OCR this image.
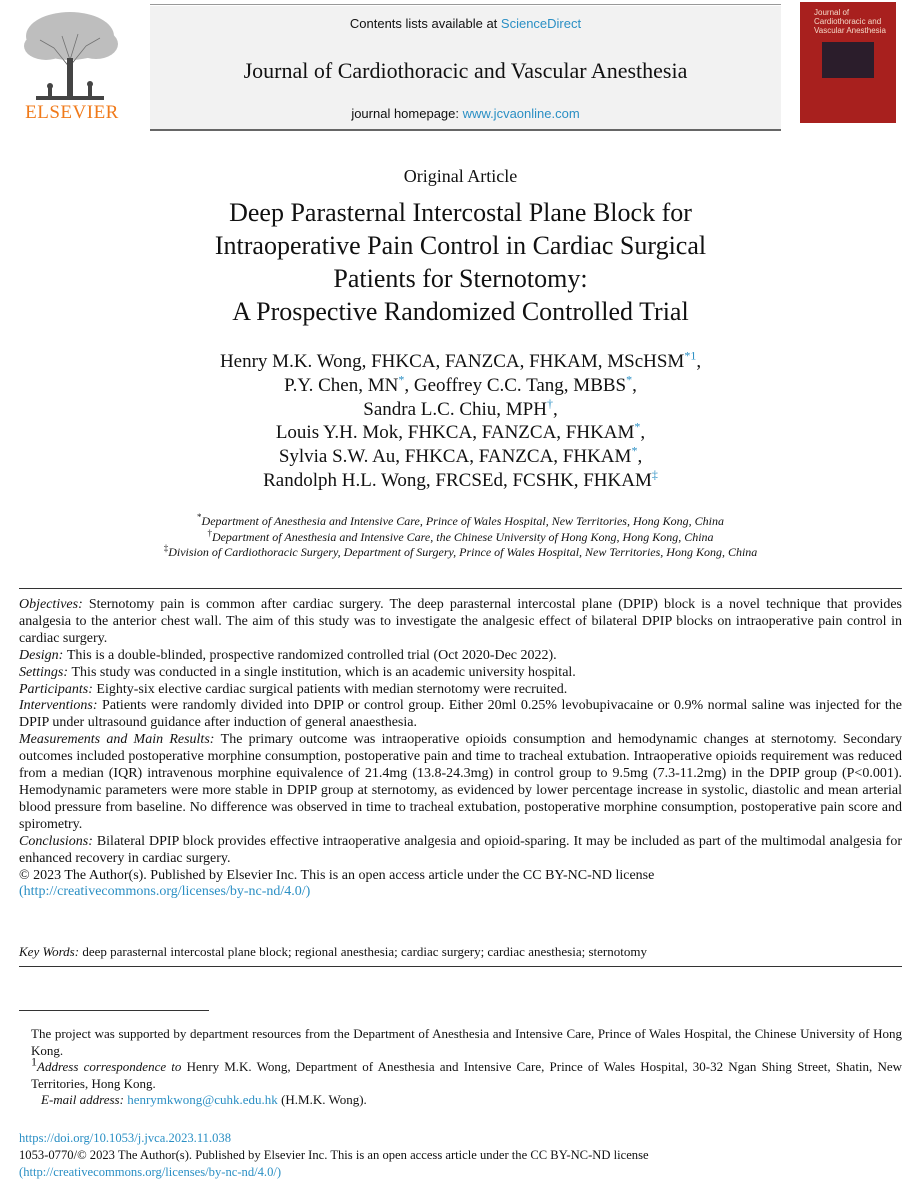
ELSEVIER
Contents lists available at ScienceDirect
Journal of Cardiothoracic and Vascular Anesthesia
journal homepage: www.jcvaonline.com
Journal of Cardiothoracic and Vascular Anesthesia
Original Article
Deep Parasternal Intercostal Plane Block for
Intraoperative Pain Control in Cardiac Surgical
Patients for Sternotomy:
A Prospective Randomized Controlled Trial
Henry M.K. Wong, FHKCA, FANZCA, FHKAM, MScHSM$^{*1}$,
P.Y. Chen, MN*, Geoffrey C.C. Tang, MBBS*,
Sandra L.C. Chiu, MPH†,
Louis Y.H. Mok, FHKCA, FANZCA, FHKAM*,
Sylvia S.W. Au, FHKCA, FANZCA, FHKAM*,
Randolph H.L. Wong, FRCSEd, FCSHK, FHKAM‡
*Department of Anesthesia and Intensive Care, Prince of Wales Hospital, New Territories, Hong Kong, China
†Department of Anesthesia and Intensive Care, the Chinese University of Hong Kong, Hong Kong, China
‡Division of Cardiothoracic Surgery, Department of Surgery, Prince of Wales Hospital, New Territories, Hong Kong, China

Objectives: Sternotomy pain is common after cardiac surgery. The deep parasternal intercostal plane (DPIP) block is a novel technique that provides analgesia to the anterior chest wall. The aim of this study was to investigate the analgesic effect of bilateral DPIP blocks on intraoperative pain control in cardiac surgery.

Design: This is a double-blinded, prospective randomized controlled trial (Oct 2020-Dec 2022).

Settings: This study was conducted in a single institution, which is an academic university hospital.

Participants: Eighty-six elective cardiac surgical patients with median sternotomy were recruited.

Interventions: Patients were randomly divided into DPIP or control group. Either 20ml 0.25% levobupivacaine or 0.9% normal saline was injected for the DPIP under ultrasound guidance after induction of general anaesthesia.

Measurements and Main Results: The primary outcome was intraoperative opioids consumption and hemodynamic changes at sternotomy. Secondary outcomes included postoperative morphine consumption, postoperative pain and time to tracheal extubation. Intraoperative opioids requirement was reduced from a median (IQR) intravenous morphine equivalence of 21.4mg (13.8-24.3mg) in control group to 9.5mg (7.3-11.2mg) in the DPIP group (P<0.001). Hemodynamic parameters were more stable in DPIP group at sternotomy, as evidenced by lower percentage increase in systolic, diastolic and mean arterial blood pressure from baseline. No difference was observed in time to tracheal extubation, postoperative morphine consumption, postoperative pain score and spirometry.

Conclusions: Bilateral DPIP block provides effective intraoperative analgesia and opioid-sparing. It may be included as part of the multimodal analgesia for enhanced recovery in cardiac surgery.

© 2023 The Author(s). Published by Elsevier Inc. This is an open access article under the CC BY-NC-ND license

(http://creativecommons.org/licenses/by-nc-nd/4.0/)

Key Words: deep parasternal intercostal plane block; regional anesthesia; cardiac surgery; cardiac anesthesia; sternotomy

The project was supported by department resources from the Department of Anesthesia and Intensive Care, Prince of Wales Hospital, the Chinese University of Hong Kong.

$^1$Address correspondence to Henry M.K. Wong, Department of Anesthesia and Intensive Care, Prince of Wales Hospital, 30-32 Ngan Shing Street, Shatin, New Territories, Hong Kong.

E-mail address: henrymkwong@cuhk.edu.hk (H.M.K. Wong).

https://doi.org/10.1053/j.jvca.2023.11.038

1053-0770/© 2023 The Author(s). Published by Elsevier Inc. This is an open access article under the CC BY-NC-ND license

(http://creativecommons.org/licenses/by-nc-nd/4.0/)
